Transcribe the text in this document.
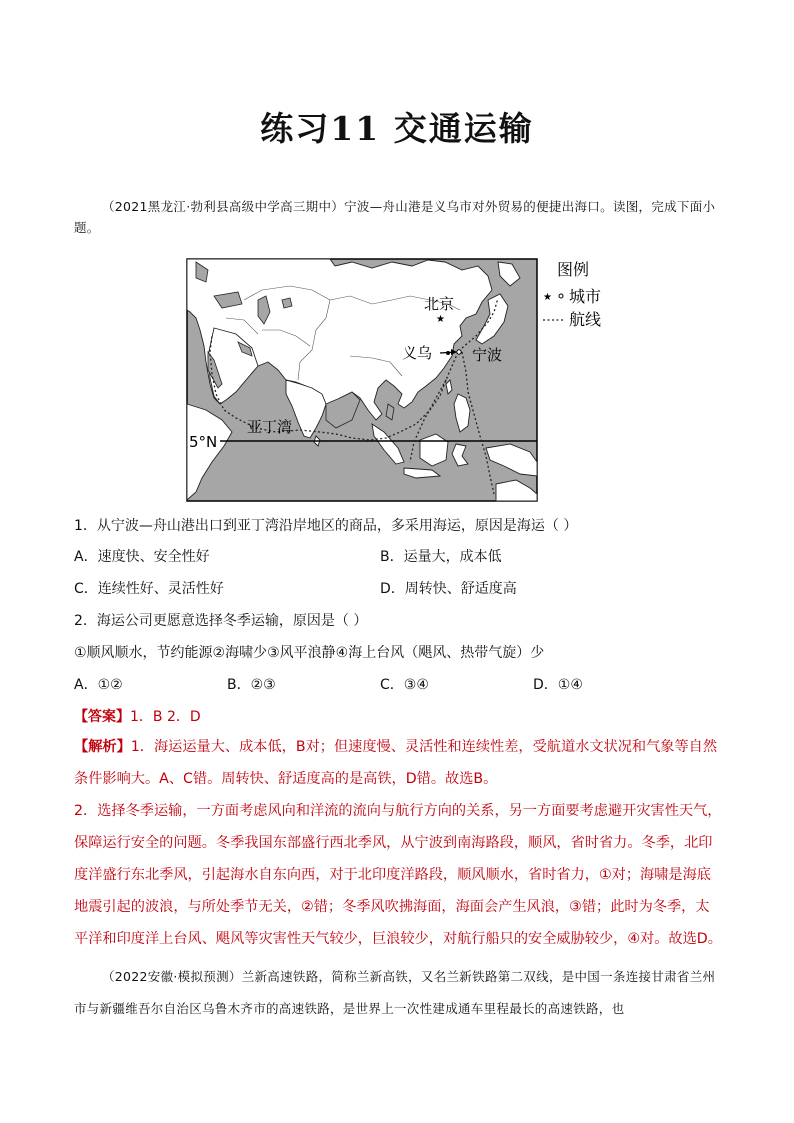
练习11 交通运输
（2021黑龙江·勃利县高级中学高三期中）宁波—舟山港是义乌市对外贸易的便捷出海口。读图，完成下面小题。
5°N
★
北京
义乌	宁波
亚丁湾
图例
★ 城市
航线
1．从宁波—舟山港出口到亚丁湾沿岸地区的商品，多采用海运，原因是海运（ ）
A．速度快、安全性好	B．运量大，成本低
C．连续性好、灵活性好	D．周转快、舒适度高
2．海运公司更愿意选择冬季运输，原因是（ ）
①顺风顺水，节约能源②海啸少③风平浪静④海上台风（飓风、热带气旋）少
A．①②	B．②③	C．③④	D．①④
【答案】1．B 2．D
【解析】1．海运运量大、成本低，B对；但速度慢、灵活性和连续性差，受航道水文状况和气象等自然条件影响大。A、C错。周转快、舒适度高的是高铁，D错。故选B。
2．选择冬季运输，一方面考虑风向和洋流的流向与航行方向的关系，另一方面要考虑避开灾害性天气，保障运行安全的问题。冬季我国东部盛行西北季风，从宁波到南海路段，顺风，省时省力。冬季，北印度洋盛行东北季风，引起海水自东向西，对于北印度洋路段，顺风顺水，省时省力，①对；海啸是海底地震引起的波浪，与所处季节无关，②错；冬季风吹拂海面，海面会产生风浪，③错；此时为冬季，太平洋和印度洋上台风、飓风等灾害性天气较少，巨浪较少，对航行船只的安全威胁较少，④对。故选D。
（2022安徽·模拟预测）兰新高速铁路，简称兰新高铁，又名兰新铁路第二双线，是中国一条连接甘肃省兰州市与新疆维吾尔自治区乌鲁木齐市的高速铁路，是世界上一次性建成通车里程最长的高速铁路，也
